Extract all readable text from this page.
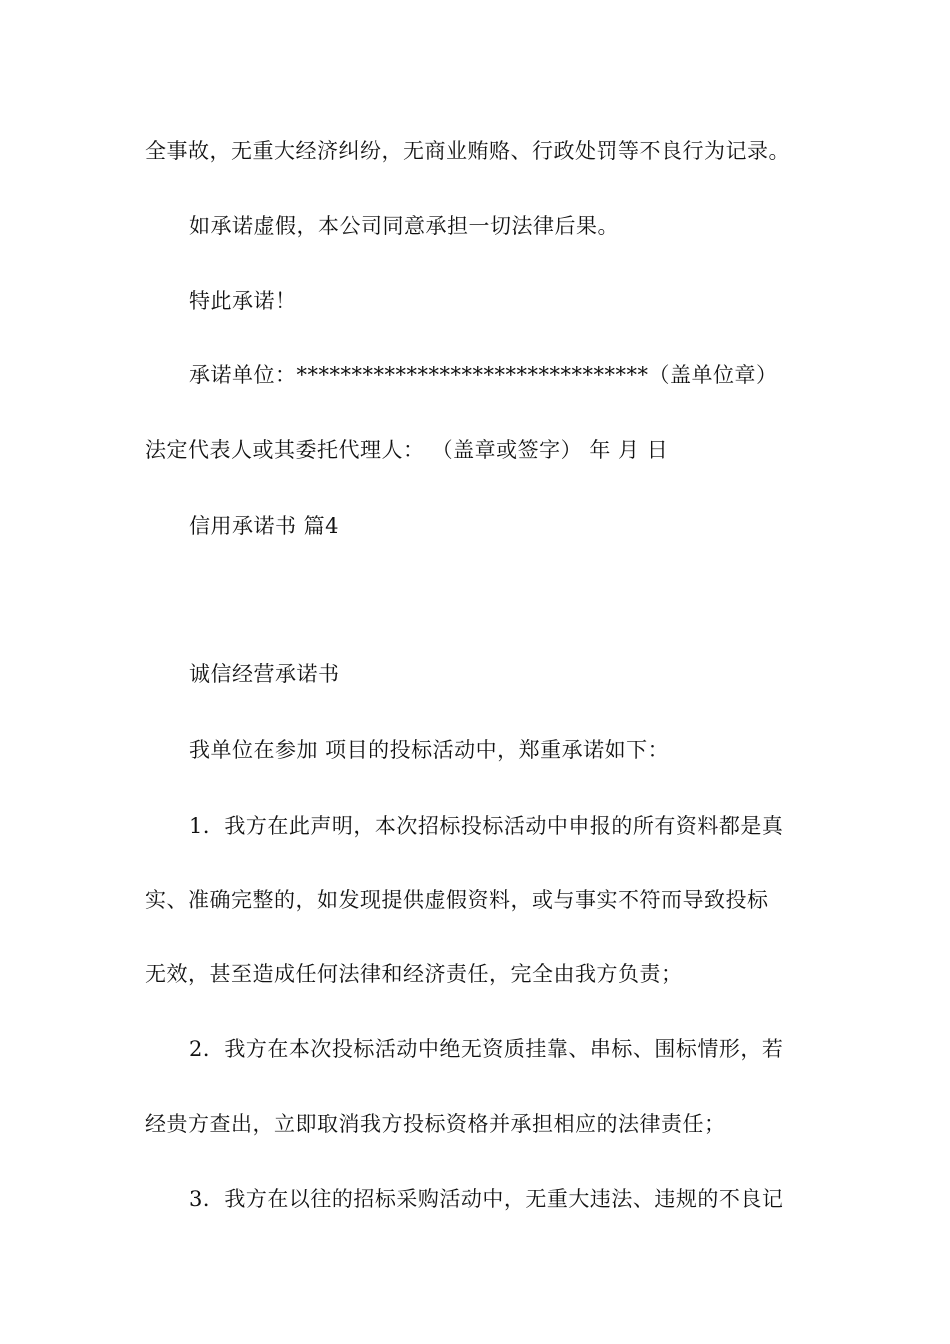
全事故，无重大经济纠纷，无商业贿赂、行政处罚等不良行为记录。
如承诺虚假，本公司同意承担一切法律后果。
特此承诺！
承诺单位：********************************（盖单位章）
法定代表人或其委托代理人： （盖章或签字） 年 月 日
信用承诺书 篇4
诚信经营承诺书
我单位在参加 项目的投标活动中，郑重承诺如下：
1．我方在此声明，本次招标投标活动中申报的所有资料都是真
实、准确完整的，如发现提供虚假资料，或与事实不符而导致投标
无效，甚至造成任何法律和经济责任，完全由我方负责；
2．我方在本次投标活动中绝无资质挂靠、串标、围标情形，若
经贵方查出，立即取消我方投标资格并承担相应的法律责任；
3．我方在以往的招标采购活动中，无重大违法、违规的不良记
